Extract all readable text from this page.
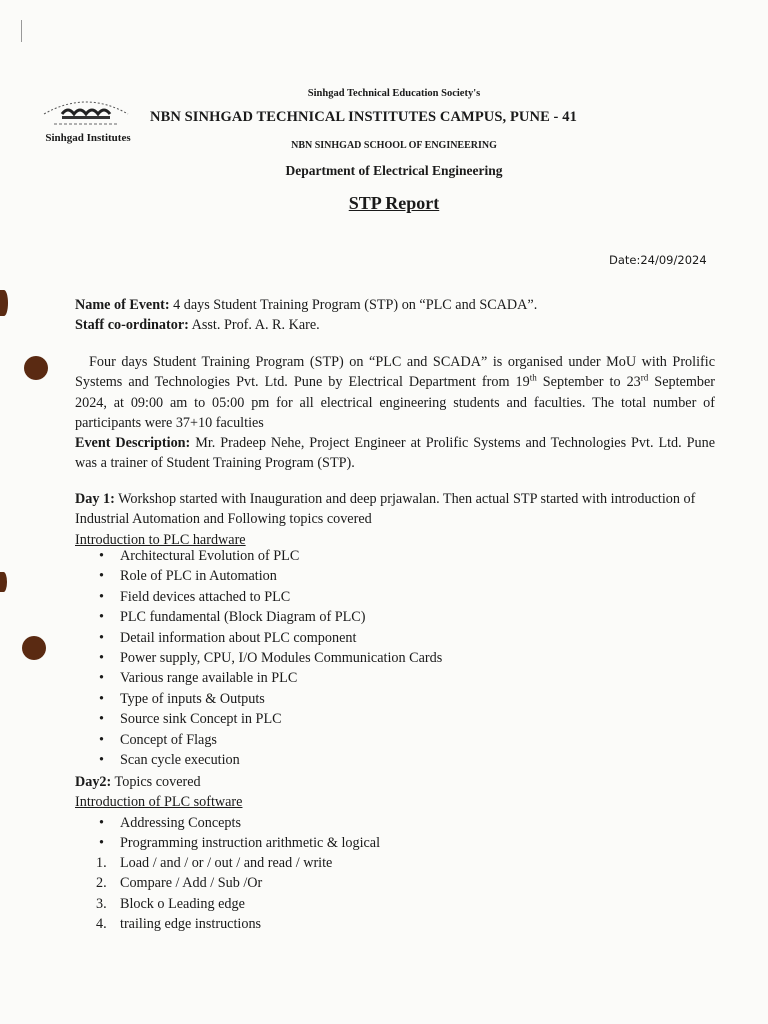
Sinhgad Institutes
Sinhgad Technical Education Society's
NBN SINHGAD TECHNICAL INSTITUTES CAMPUS, PUNE - 41
NBN SINHGAD SCHOOL OF ENGINEERING
Department of Electrical Engineering
STP Report
Date:24/09/2024
Name of Event: 4 days Student Training Program (STP) on “PLC and SCADA”.
Staff co-ordinator: Asst. Prof. A. R. Kare.
Four days Student Training Program (STP) on “PLC and SCADA” is organised under MoU with Prolific Systems and Technologies Pvt. Ltd. Pune by Electrical Department from 19th September to 23rd September 2024, at 09:00 am to 05:00 pm for all electrical engineering students and faculties. The total number of participants were 37+10 faculties
Event Description: Mr. Pradeep Nehe, Project Engineer at Prolific Systems and Technologies Pvt. Ltd. Pune was a trainer of Student Training Program (STP).
Day 1: Workshop started with Inauguration and deep prjawalan. Then actual STP started with introduction of Industrial Automation and Following topics covered
Introduction to PLC hardware
• Architectural Evolution of PLC
• Role of PLC in Automation
• Field devices attached to PLC
• PLC fundamental (Block Diagram of PLC)
• Detail information about PLC component
• Power supply, CPU, I/O Modules Communication Cards
• Various range available in PLC
• Type of inputs & Outputs
• Source sink Concept in PLC
• Concept of Flags
• Scan cycle execution
Day2: Topics covered
Introduction of PLC software
• Addressing Concepts
• Programming instruction arithmetic & logical
1. Load / and / or / out / and read / write
2. Compare / Add / Sub /Or
3. Block o Leading edge
4. trailing edge instructions
